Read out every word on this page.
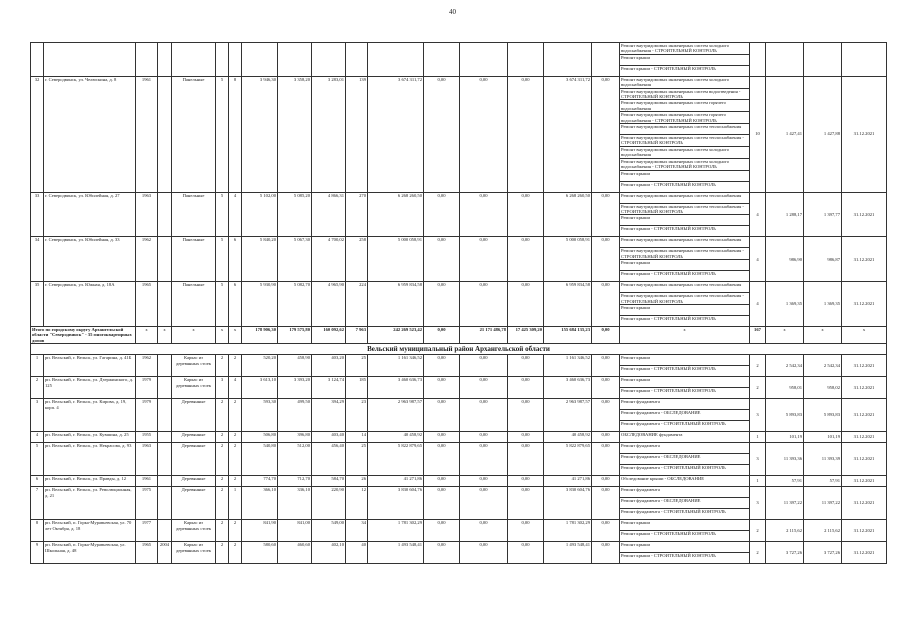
40
																	Ремонт внутридомовых инженерных систем холодного водоснабжения - СТРОИТЕЛЬНЫЙ КОНТРОЛЬ				
																	Ремонт крыши				
																	Ремонт крыши - СТРОИТЕЛЬНЫЙ КОНТРОЛЬ				
32	г. Северодвинск, ул. Челюскина, д. 8	1961		Панельные	5	8	3 946,30	3 358,20	3 283,01	139	3 674 311,72	0,00	0,00	0,00	3 674 311,72	0,00	Ремонт внутридомовых инженерных систем холодного водоснабжения	10	1 427,41	1 427,88	31.12.2021
																	Ремонт внутридомовых инженерных систем водоотведения - СТРОИТЕЛЬНЫЙ КОНТРОЛЬ				
																	Ремонт внутридомовых инженерных систем горячего водоснабжения				
																	Ремонт внутридомовых инженерных систем горячего водоснабжения - СТРОИТЕЛЬНЫЙ КОНТРОЛЬ				
																	Ремонт внутридомовых инженерных систем теплоснабжения				
																	Ремонт внутридомовых инженерных систем теплоснабжения - СТРОИТЕЛЬНЫЙ КОНТРОЛЬ				
																	Ремонт внутридомовых инженерных систем холодного водоснабжения				
																	Ремонт внутридомовых инженерных систем холодного водоснабжения - СТРОИТЕЛЬНЫЙ КОНТРОЛЬ				
																	Ремонт крыши				
																	Ремонт крыши - СТРОИТЕЛЬНЫЙ КОНТРОЛЬ				
33	г. Северодвинск, ул. Юбилейная, д. 27	1963		Панельные	5	4	5 102,00	5 085,20	4 866,31	270	6 268 260,50	0,00	0,00	0,00	6 268 260,50	0,00	Ремонт внутридомовых инженерных систем теплоснабжения	4	1 288,17	1 397,77	31.12.2021
																	Ремонт внутридомовых инженерных систем теплоснабжения - СТРОИТЕЛЬНЫЙ КОНТРОЛЬ				
																	Ремонт крыши				
																	Ремонт крыши - СТРОИТЕЛЬНЫЙ КОНТРОЛЬ				
34	г. Северодвинск, ул. Юбилейная, д. 33	1962		Панельные	5	6	5 840,20	5 067,30	4 700,02	258	5 000 058,91	0,00	0,00	0,00	5 000 058,91	0,00	Ремонт внутридомовых инженерных систем теплоснабжения	4	986,90	986,87	31.12.2021
																	Ремонт внутридомовых инженерных систем теплоснабжения - СТРОИТЕЛЬНЫЙ КОНТРОЛЬ				
																	Ремонт крыши				
																	Ремонт крыши - СТРОИТЕЛЬНЫЙ КОНТРОЛЬ				
35	г. Северодвинск, ул. Южная, д. 18А	1965		Панельные	5	6	5 930,90	5 082,70	4 965,90	224	6 959 834,58	0,00	0,00	0,00	6 959 834,58	0,00	Ремонт внутридомовых инженерных систем теплоснабжения	4	1 369,35	1 369,35	31.12.2021
																	Ремонт внутридомовых инженерных систем теплоснабжения - СТРОИТЕЛЬНЫЙ КОНТРОЛЬ				
																	Ремонт крыши				
																	Ремонт крыши - СТРОИТЕЛЬНЫЙ КОНТРОЛЬ				
Итого по городскому округу Архангельской области "Северодвинск" - 35 многоквартирных домов		x	x	x	x	x	178 906,30	179 575,80	160 092,62	7 963	242 269 523,42	0,00	21 171 486,78	17 425 309,20	155 684 135,23	0,00	x	167	x	x	x
Вельский муниципальный район Архангельской области																					
1	рп. Вельский, г. Вельск, ул. Гагарина, д. 41Б	1962		Каркас из деревянных стоек	2	2	520,20	458,90	403,20	25	1 161 346,52	0,00	0,00	0,00	1 161 346,52	0,00	Ремонт крыши	2	2 542,34	2 542,34	31.12.2021
																	Ремонт крыши - СТРОИТЕЛЬНЫЙ КОНТРОЛЬ				
2	рп. Вельский, г. Вельск, ул. Дзержинского, д. 125	1979		Каркас из деревянных стоек	3	4	3 613,10	3 393,20	3 124,74	185	3 460 636,73	0,00	0,00	0,00	3 460 636,73	0,00	Ремонт крыши	2	958,01	958,02	31.12.2021
																	Ремонт крыши - СТРОИТЕЛЬНЫЙ КОНТРОЛЬ				
3	рп. Вельский, г. Вельск, ул. Кирова, д. 19, корп. 4	1979		Деревянные	2	2	593,30	499,50	394,29	23	2 963 987,57	0,00	0,00	0,00	2 963 987,57	0,00	Ремонт фундамента	3	5 893,83	5 893,83	31.12.2021
																	Ремонт фундамента - ОБСЛЕДОВАНИЕ				
																	Ремонт фундамента - СТРОИТЕЛЬНЫЙ КОНТРОЛЬ				
4	рп. Вельский, г. Вельск, ул. Кувшина, д. 25	1955		Деревянные	2	2	506,80	396,80	403,40	14	40 458,92	0,00	0,00	0,00	40 458,92	0,00	ОБСЛЕДОВАНИЕ фундамента	1	101,19	101,19	31.12.2021
5	рп. Вельский, г. Вельск, ул. Некрасова, д. 93	1963		Деревянные	2	2	540,80	512,00	456,40	25	5 822 879,65	0,00	0,00	0,00	5 822 879,65	0,00	Ремонт фундамента	3	11 393,36	11 393,39	31.12.2021
																	Ремонт фундамента - ОБСЛЕДОВАНИЕ				
																	Ремонт фундамента - СТРОИТЕЛЬНЫЙ КОНТРОЛЬ				
6	рп. Вельский, г. Вельск, ул. Правды, д. 12	1961		Деревянные	2	2	774,70	712,70	584,70	26	41 271,86	0,00	0,00	0,00	41 271,86	0,00	Обследование крыши - ОБСЛЕДОВАНИЕ	1	57,91	57,91	31.12.2021
7	рп. Вельский, г. Вельск, ул. Революционная, д. 21	1975		Деревянные	2	1	366,10	336,10	220,90	12	3 830 604,76	0,00	0,00	0,00	3 830 604,76	0,00	Ремонт фундамента	3	11 397,22	11 397,22	31.12.2021
																	Ремонт фундамента - ОБСЛЕДОВАНИЕ				
																	Ремонт фундамента - СТРОИТЕЛЬНЫЙ КОНТРОЛЬ				
8	рп. Вельский, п. Горка-Муравьевская, ул. 70 лет Октября, д. 18	1977		Каркас из деревянных стоек	2	2	841,90	841,00	549,00	34	1 781 302,29	0,00	0,00	0,00	1 781 302,29	0,00	Ремонт крыши	2	2 115,62	2 115,62	31.12.2021
																	Ремонт крыши - СТРОИТЕЛЬНЫЙ КОНТРОЛЬ				
9	рп. Вельский, п. Горка-Муравьевская, ул. Школьная, д. 48	1965	2004	Каркас из деревянных стоек	2	2	580,60	460,60	402,10	40	1 493 548,41	0,00	0,00	0,00	1 493 548,41	0,00	Ремонт крыши	2	3 727,26	3 727,26	31.12.2021
																	Ремонт крыши - СТРОИТЕЛЬНЫЙ КОНТРОЛЬ				
